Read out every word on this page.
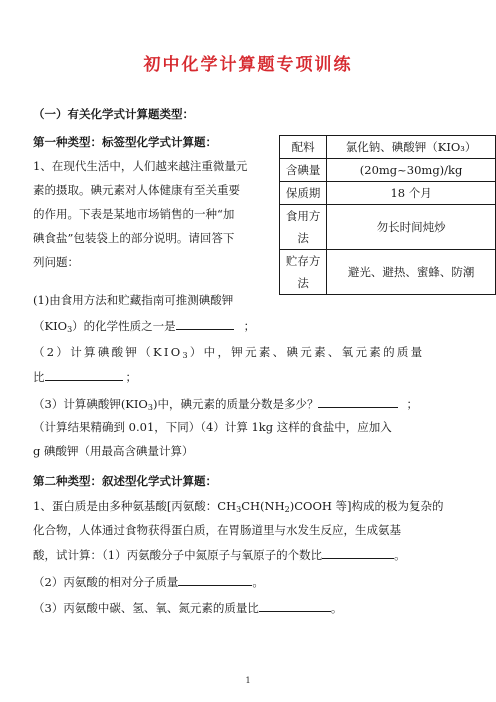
初中化学计算题专项训练
（一）有关化学式计算题类型：
第一种类型：标签型化学式计算题：
1、在现代生活中，人们越来越注重微量元
素的摄取。碘元素对人体健康有至关重要
的作用。下表是某地市场销售的一种“加
碘食盐”包装袋上的部分说明。请回答下
列问题：
(1)由食用方法和贮藏指南可推测碘酸钾
$(KIO_3)$的化学性质之一是	；
（2）计算碘酸钾$(KIO_3)$中，钾元素、碘元素、氧元素的质量
比	；
（3）计算碘酸钾$(KIO_3)$中，碘元素的质量分数是多少？	；
（计算结果精确到 0.01，下同）（4）计算 1kg 这样的食盐中，应加入
g 碘酸钾（用最高含碘量计算）
配料	氯化钠、碘酸钾（KIO₃）
含碘量	(20mg~30mg)/kg
保质期	18 个月
食用方
法	勿长时间炖炒
贮存方
法	避光、避热、蜜蜂、防潮
第二种类型：叙述型化学式计算题：
1、蛋白质是由多种氨基酸[丙氨酸：$CH_3CH(NH_2)COOH$ 等]构成的极为复杂的
化合物，人体通过食物获得蛋白质，在胃肠道里与水发生反应，生成氨基
酸，试计算：（1）丙氨酸分子中氮原子与氧原子的个数比	。
（2）丙氨酸的相对分子质量	。
（3）丙氨酸中碳、氢、氧、氮元素的质量比	。
1
